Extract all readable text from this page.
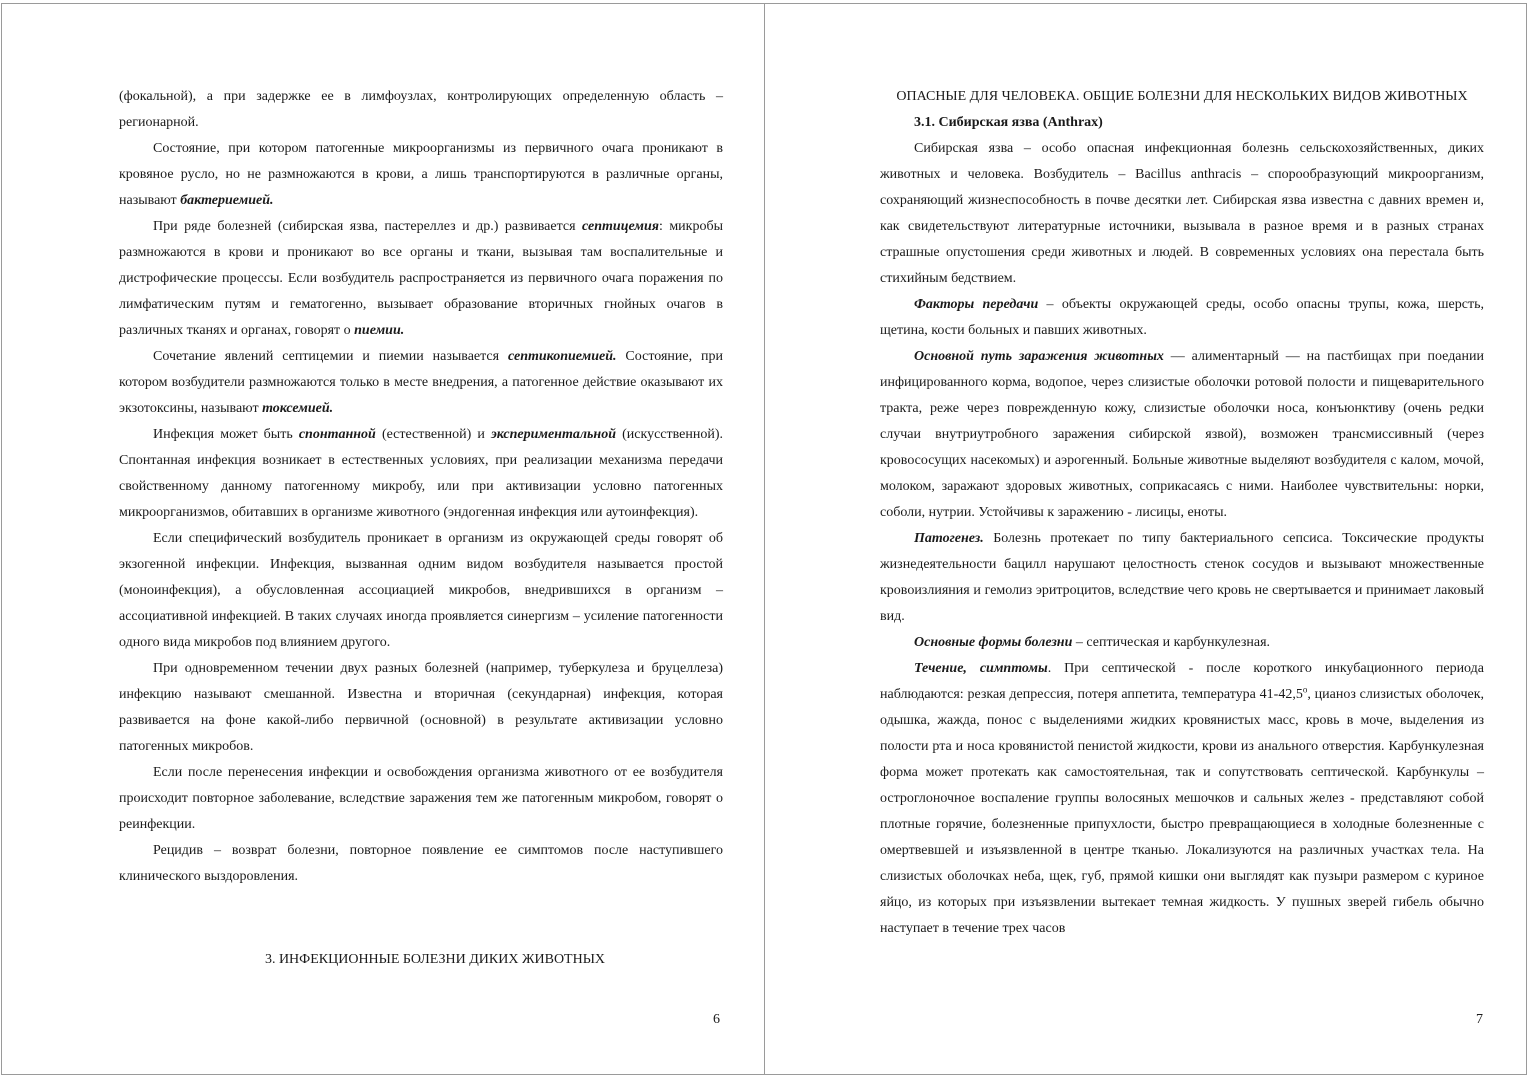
(фокальной), а при задержке ее в лимфоузлах, контролирующих определенную область – регионарной.

Состояние, при котором патогенные микроорганизмы из первичного очага проникают в кровяное русло, но не размножаются в крови, а лишь транспортируются в различные органы, называют бактериемией.

При ряде болезней (сибирская язва, пастереллез и др.) развивается септицемия: микробы размножаются в крови и проникают во все органы и ткани, вызывая там воспалительные и дистрофические процессы. Если возбудитель распространяется из первичного очага поражения по лимфатическим путям и гематогенно, вызывает образование вторичных гнойных очагов в различных тканях и органах, говорят о пиемии.

Сочетание явлений септицемии и пиемии называется септикопиемией. Состояние, при котором возбудители размножаются только в месте внедрения, а патогенное действие оказывают их экзотоксины, называют токсемией.

Инфекция может быть спонтанной (естественной) и экспериментальной (искусственной). Спонтанная инфекция возникает в естественных условиях, при реализации механизма передачи свойственному данному патогенному микробу, или при активизации условно патогенных микроорганизмов, обитавших в организме животного (эндогенная инфекция или аутоинфекция).

Если специфический возбудитель проникает в организм из окружающей среды говорят об экзогенной инфекции. Инфекция, вызванная одним видом возбудителя называется простой (моноинфекция), а обусловленная ассоциацией микробов, внедрившихся в организм – ассоциативной инфекцией. В таких случаях иногда проявляется синергизм – усиление патогенности одного вида микробов под влиянием другого.

При одновременном течении двух разных болезней (например, туберкулеза и бруцеллеза) инфекцию называют смешанной. Известна и вторичная (секундарная) инфекция, которая развивается на фоне какой-либо первичной (основной) в результате активизации условно патогенных микробов.

Если после перенесения инфекции и освобождения организма животного от ее возбудителя происходит повторное заболевание, вследствие заражения тем же патогенным микробом, говорят о реинфекции.

Рецидив – возврат болезни, повторное появление ее симптомов после наступившего клинического выздоровления.

3. ИНФЕКЦИОННЫЕ БОЛЕЗНИ ДИКИХ ЖИВОТНЫХ
6

ОПАСНЫЕ ДЛЯ ЧЕЛОВЕКА. ОБЩИЕ БОЛЕЗНИ ДЛЯ НЕСКОЛЬКИХ ВИДОВ ЖИВОТНЫХ

3.1. Сибирская язва (Anthrax)

Сибирская язва – особо опасная инфекционная болезнь сельскохозяйственных, диких животных и человека. Возбудитель – Bacillus anthracis – спорообразующий микроорганизм, сохраняющий жизнеспособность в почве десятки лет. Сибирская язва известна с давних времен и, как свидетельствуют литературные источники, вызывала в разное время и в разных странах страшные опустошения среди животных и людей. В современных условиях она перестала быть стихийным бедствием.

Факторы передачи – объекты окружающей среды, особо опасны трупы, кожа, шерсть, щетина, кости больных и павших животных.

Основной путь заражения животных –– алиментарный — на пастбищах при поедании инфицированного корма, водопое, через слизистые оболочки ротовой полости и пищеварительного тракта, реже через поврежденную кожу, слизистые оболочки носа, конъюнктиву (очень редки случаи внутриутробного заражения сибирской язвой), возможен трансмиссивный (через кровососущих насекомых) и аэрогенный. Больные животные выделяют возбудителя с калом, мочой, молоком, заражают здоровых животных, соприкасаясь с ними. Наиболее чувствительны: норки, соболи, нутрии. Устойчивы к заражению - лисицы, еноты.

Патогенез. Болезнь протекает по типу бактериального сепсиса. Токсические продукты жизнедеятельности бацилл нарушают целостность стенок сосудов и вызывают множественные кровоизлияния и гемолиз эритроцитов, вследствие чего кровь не свертывается и принимает лаковый вид.

Основные формы болезни – септическая и карбункулезная.

Течение, симптомы. При септической - после короткого инкубационного периода наблюдаются: резкая депрессия, потеря аппетита, температура $41-42,5^о$, цианоз слизистых оболочек, одышка, жажда, понос с выделениями жидких кровянистых масс, кровь в моче, выделения из полости рта и носа кровянистой пенистой жидкости, крови из анального отверстия. Карбункулезная форма может протекать как самостоятельная, так и сопутствовать септической. Карбункулы – остроглоночное воспаление группы волосяных мешочков и сальных желез - представляют собой плотные горячие, болезненные припухлости, быстро превращающиеся в холодные болезненные с омертвевшей и изъязвленной в центре тканью. Локализуются на различных участках тела. На слизистых оболочках неба, щек, губ, прямой кишки они выглядят как пузыри размером с куриное яйцо, из которых при изъязвлении вытекает темная жидкость. У пушных зверей гибель обычно наступает в течение трех часов

7
